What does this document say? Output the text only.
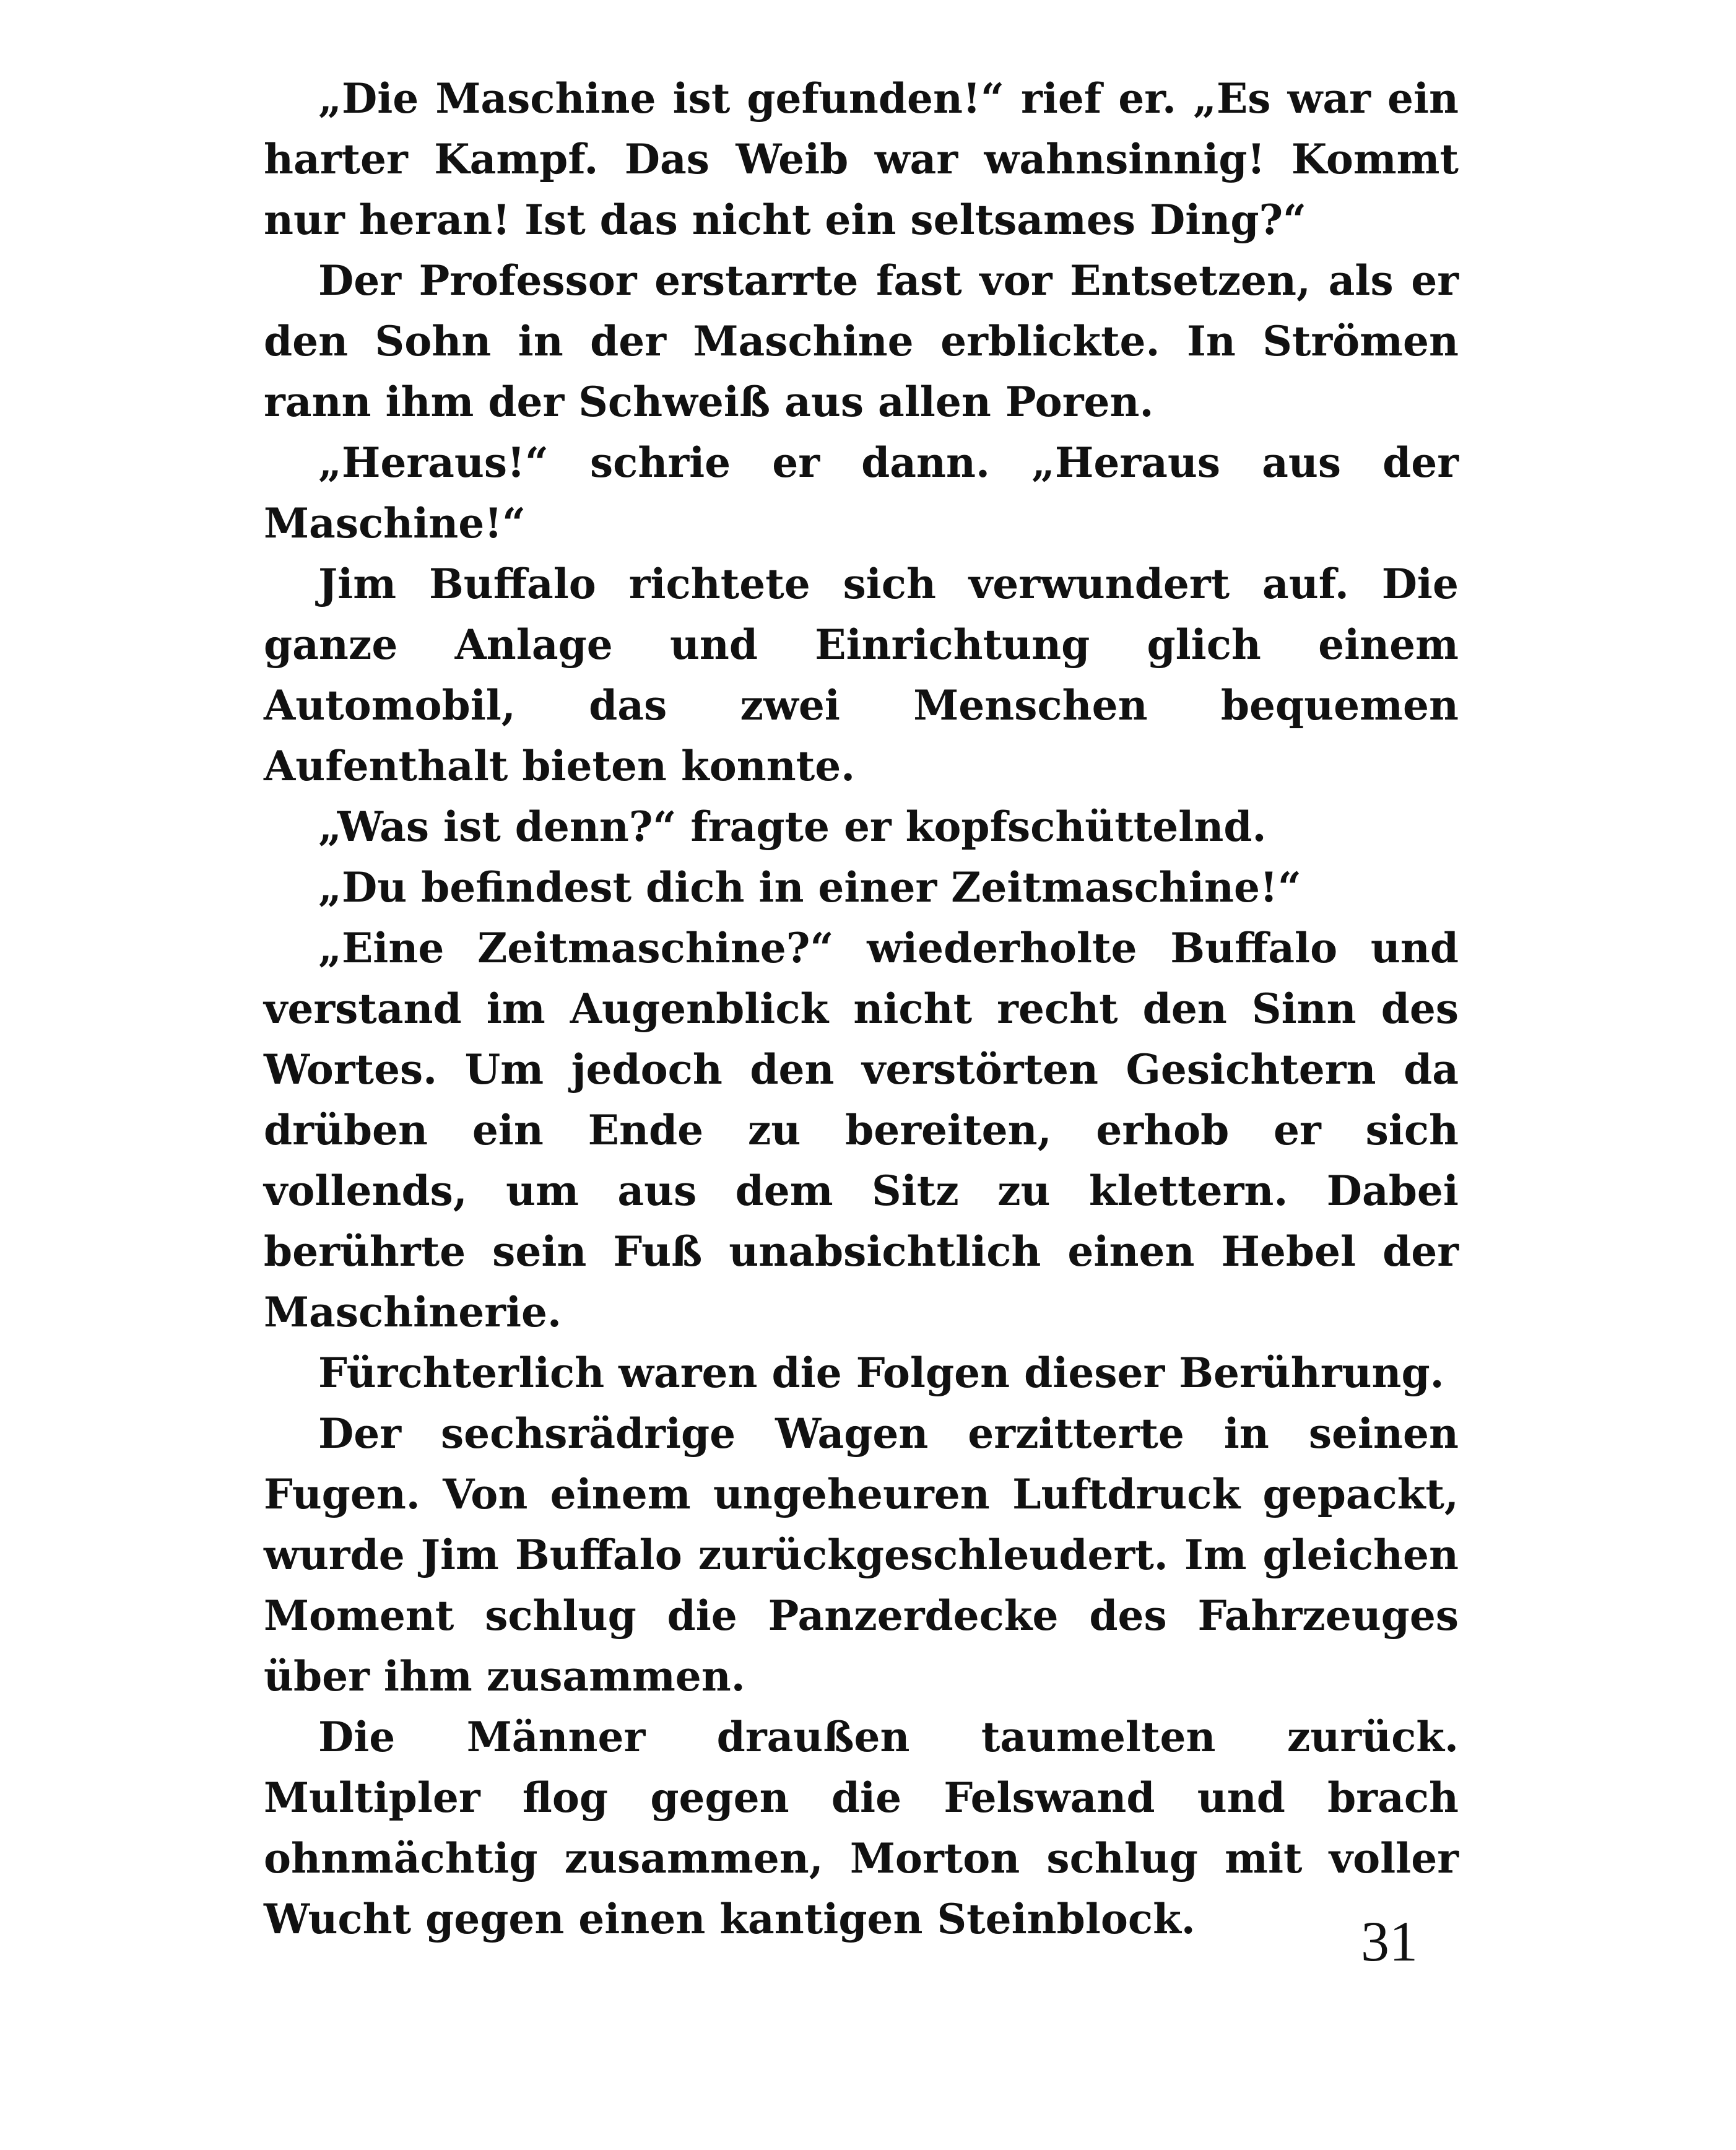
„Die Maschine ist gefunden!“ rief er. „Es war ein harter Kampf. Das Weib war wahnsinnig! Kommt nur heran! Ist das nicht ein seltsames Ding?“

Der Professor erstarrte fast vor Entsetzen, als er den Sohn in der Maschine erblickte. In Strömen rann ihm der Schweiß aus allen Poren.

„Heraus!“ schrie er dann. „Heraus aus der Maschine!“

Jim Buffalo richtete sich verwundert auf. Die ganze Anlage und Einrichtung glich einem Automobil, das zwei Menschen bequemen Aufenthalt bieten konnte.

„Was ist denn?“ fragte er kopfschüttelnd.

„Du befindest dich in einer Zeitmaschine!“

„Eine Zeitmaschine?“ wiederholte Buffalo und verstand im Augenblick nicht recht den Sinn des Wortes. Um jedoch den verstörten Gesichtern da drüben ein Ende zu bereiten, erhob er sich vollends, um aus dem Sitz zu klettern. Dabei berührte sein Fuß unabsichtlich einen Hebel der Maschinerie.

Fürchterlich waren die Folgen dieser Berührung.

Der sechsrädrige Wagen erzitterte in seinen Fugen. Von einem ungeheuren Luftdruck gepackt, wurde Jim Buffalo zurückgeschleudert. Im gleichen Moment schlug die Panzerdecke des Fahrzeuges über ihm zusammen.

Die Männer draußen taumelten zurück. Multipler flog gegen die Felswand und brach ohnmächtig zusammen, Morton schlug mit voller Wucht gegen einen kantigen Steinblock.	31
